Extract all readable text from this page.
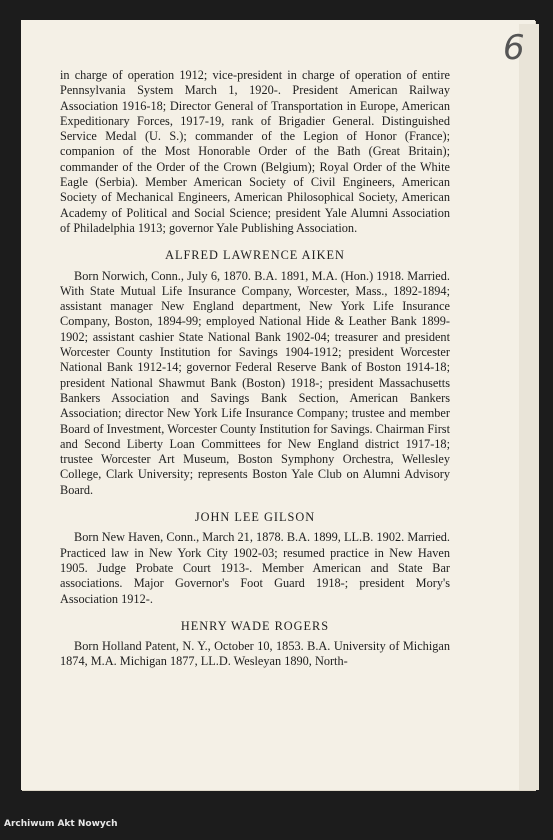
6

in charge of operation 1912; vice-president in charge of operation of entire Pennsylvania System March 1, 1920-. President American Railway Association 1916-18; Director General of Transportation in Europe, American Expeditionary Forces, 1917-19, rank of Brigadier General. Distinguished Service Medal (U. S.); commander of the Legion of Honor (France); companion of the Most Honorable Order of the Bath (Great Britain); commander of the Order of the Crown (Belgium); Royal Order of the White Eagle (Serbia). Member American Society of Civil Engineers, American Society of Mechanical Engineers, American Philosophical Society, American Academy of Political and Social Science; president Yale Alumni Association of Philadelphia 1913; governor Yale Publishing Association.

ALFRED LAWRENCE AIKEN

Born Norwich, Conn., July 6, 1870. B.A. 1891, M.A. (Hon.) 1918. Married. With State Mutual Life Insurance Company, Worcester, Mass., 1892-1894; assistant manager New England department, New York Life Insurance Company, Boston, 1894-99; employed National Hide & Leather Bank 1899-1902; assistant cashier State National Bank 1902-04; treasurer and president Worcester County Institution for Savings 1904-1912; president Worcester National Bank 1912-14; governor Federal Reserve Bank of Boston 1914-18; president National Shawmut Bank (Boston) 1918-; president Massachusetts Bankers Association and Savings Bank Section, American Bankers Association; director New York Life Insurance Company; trustee and member Board of Investment, Worcester County Institution for Savings. Chairman First and Second Liberty Loan Committees for New England district 1917-18; trustee Worcester Art Museum, Boston Symphony Orchestra, Wellesley College, Clark University; represents Boston Yale Club on Alumni Advisory Board.

JOHN LEE GILSON

Born New Haven, Conn., March 21, 1878. B.A. 1899, LL.B. 1902. Married. Practiced law in New York City 1902-03; resumed practice in New Haven 1905. Judge Probate Court 1913-. Member American and State Bar associations. Major Governor's Foot Guard 1918-; president Mory's Association 1912-.

HENRY WADE ROGERS

Born Holland Patent, N. Y., October 10, 1853. B.A. University of Michigan 1874, M.A. Michigan 1877, LL.D. Wesleyan 1890, North-

Archiwum Akt Nowych
